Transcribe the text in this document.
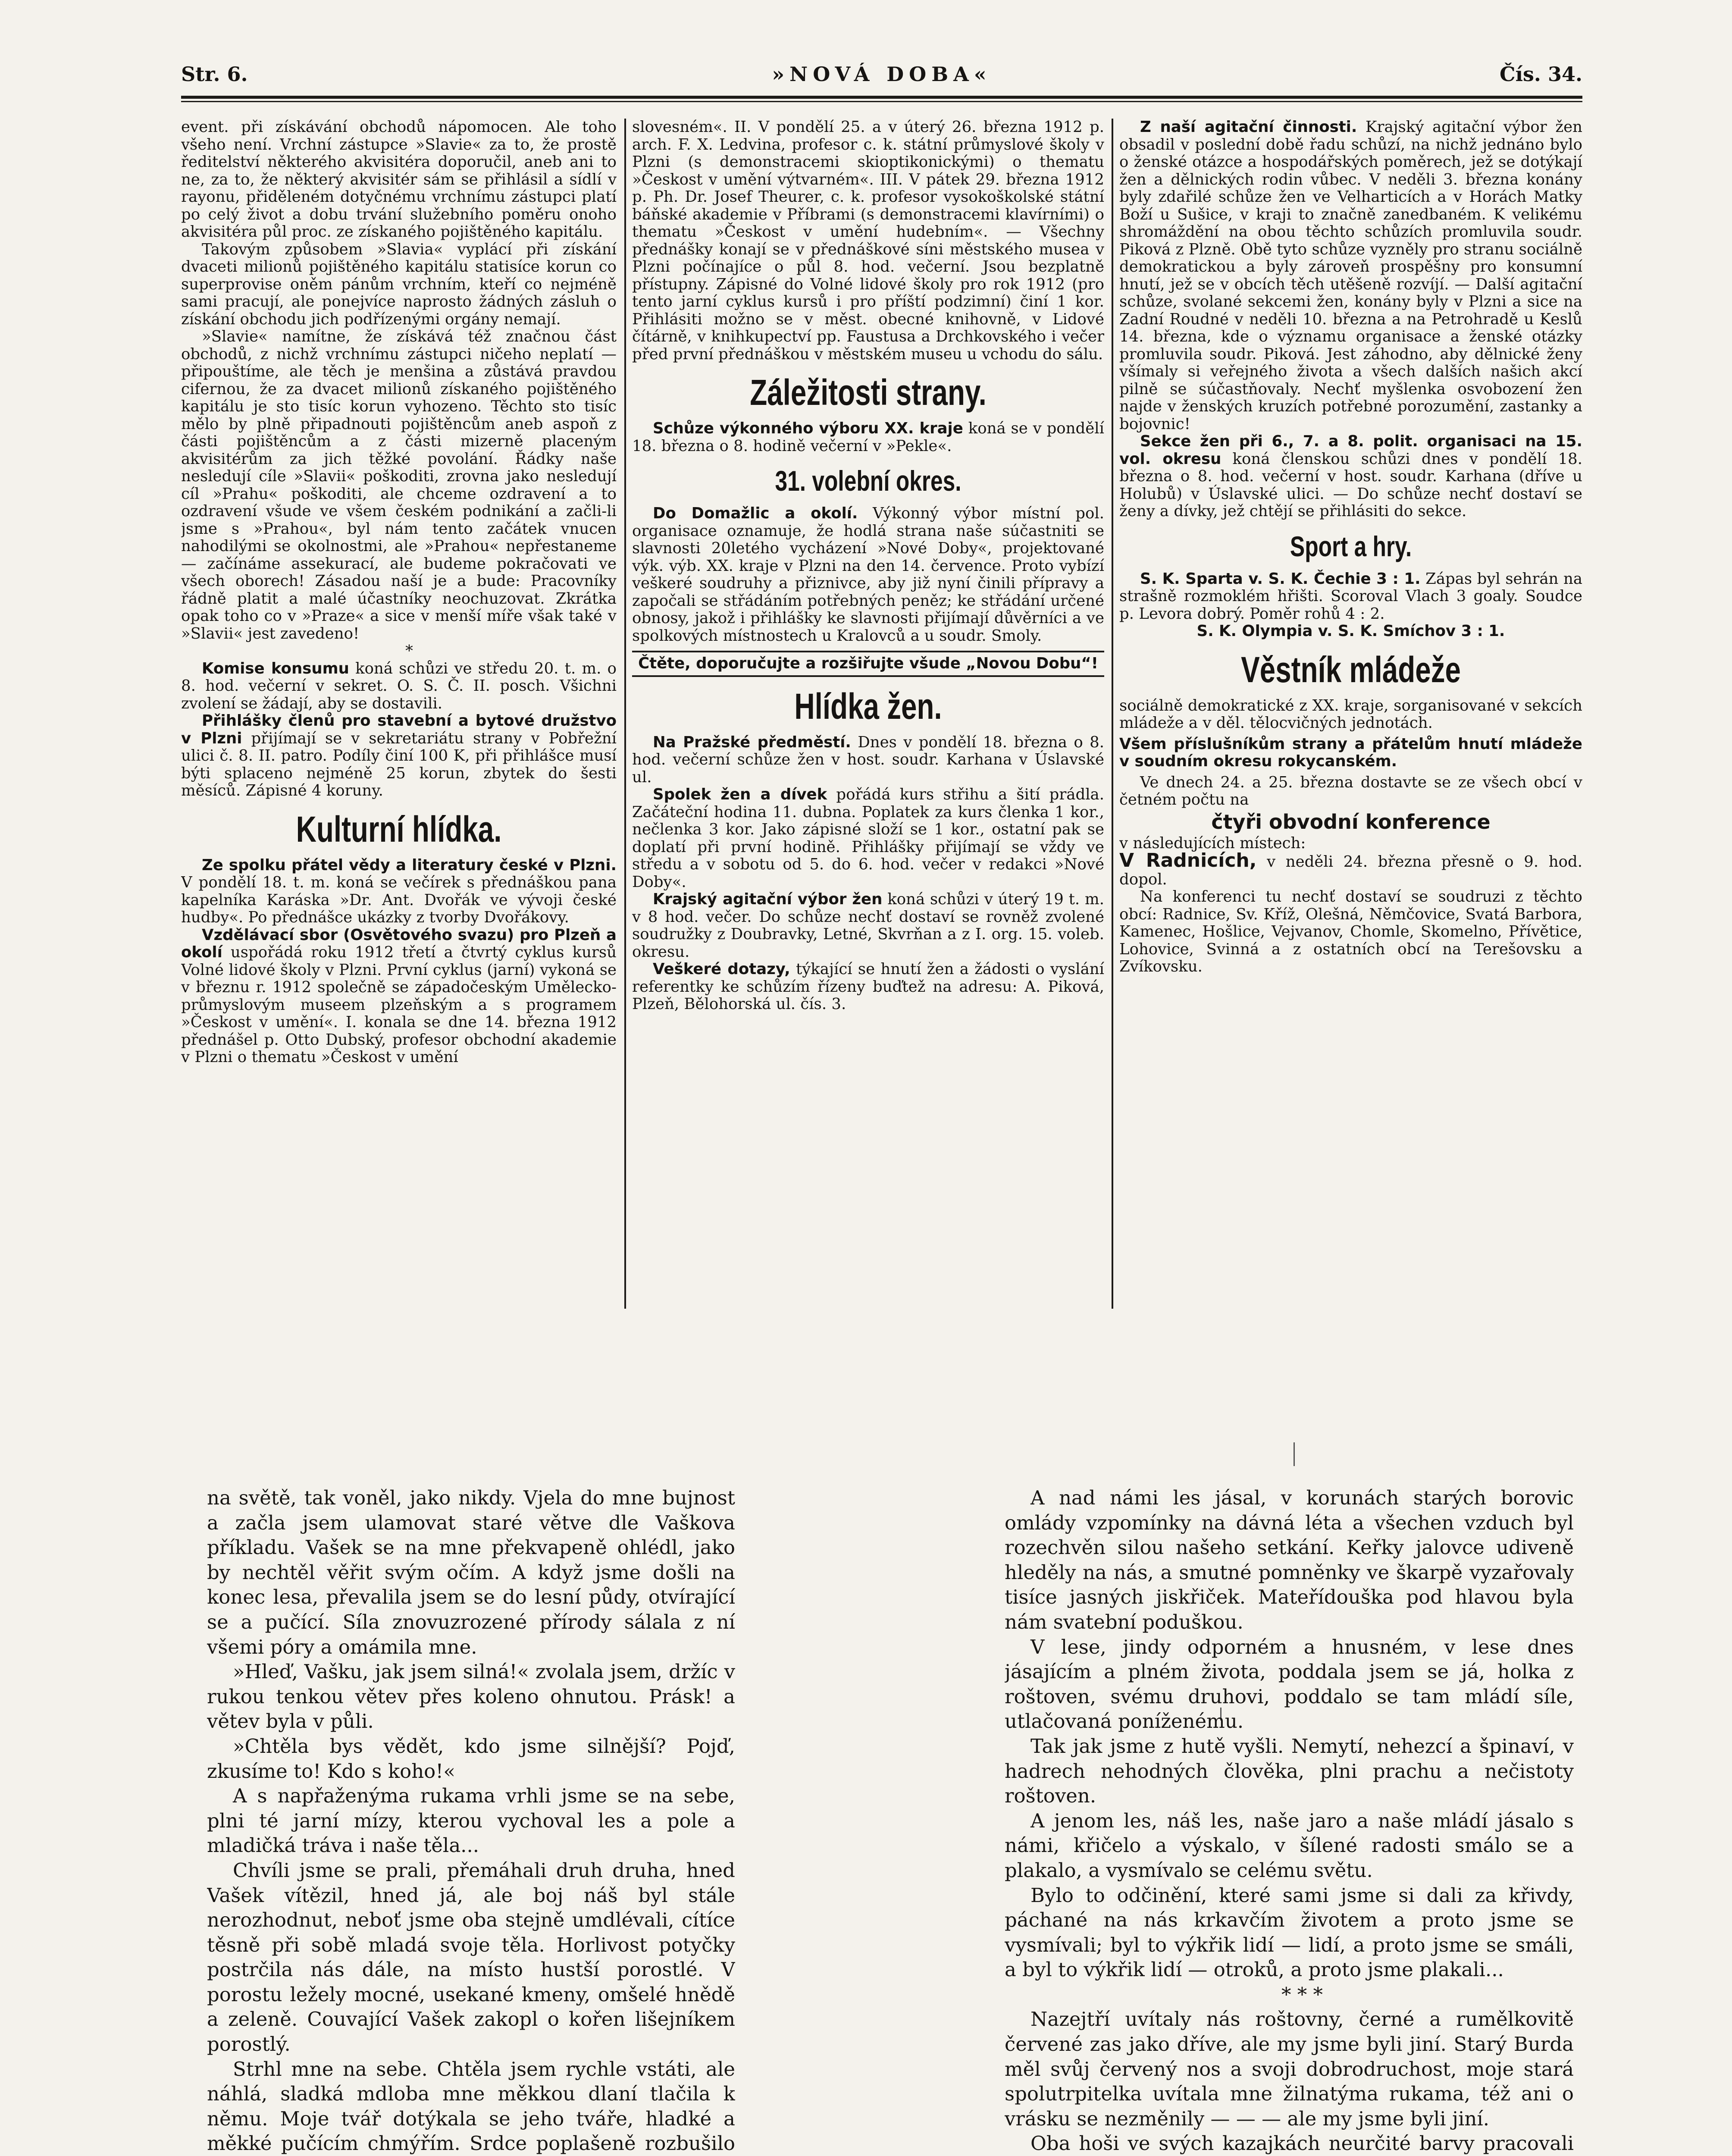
Str. 6.	»NOVÁ DOBA«	Čís. 34.

event. při získávání obchodů nápomocen. Ale toho všeho není. Vrchní zástupce »Slavie« za to, že prostě ředitelství některého akvisitéra doporučil, aneb ani to ne, za to, že některý akvisitér sám se přihlásil a sídlí v rayonu, přiděleném dotyčnému vrchnímu zástupci platí po celý život a dobu trvání služebního poměru onoho akvisitéra půl proc. ze získaného pojištěného kapitálu.

Takovým způsobem »Slavia« vyplácí při získání dvaceti milionů pojištěného kapitálu statisíce korun co superprovise oněm pánům vrchním, kteří co nejméně sami pracují, ale ponejvíce naprosto žádných zásluh o získání obchodu jich podřízenými orgány nemají.

»Slavie« namítne, že získává též značnou část obchodů, z nichž vrchnímu zástupci ničeho neplatí — připouštíme, ale těch je menšina a zůstává pravdou cifernou, že za dvacet milionů získaného pojištěného kapitálu je sto tisíc korun vyhozeno. Těchto sto tisíc mělo by plně připadnouti pojištěncům aneb aspoň z části pojištěncům a z části mizerně placeným akvisitérům za jich těžké povolání. Řádky naše nesledují cíle »Slavii« poškoditi, zrovna jako nesledují cíl »Prahu« poškoditi, ale chceme ozdravení a to ozdravení všude ve všem českém podnikání a začli-li jsme s »Prahou«, byl nám tento začátek vnucen nahodilými se okolnostmi, ale »Prahou« nepřestaneme — začínáme assekurací, ale budeme pokračovati ve všech oborech! Zásadou naší je a bude: Pracovníky řádně platit a malé účastníky neochuzovat. Zkrátka opak toho co v »Praze« a sice v menší míře však také v »Slavii« jest zavedeno!

*

Komise konsumu koná schůzi ve středu 20. t. m. o 8. hod. večerní v sekret. O. S. Č. II. posch. Všichni zvolení se žádají, aby se dostavili.

Přihlášky členů pro stavební a bytové družstvo v Plzni přijímají se v sekretariátu strany v Pobřežní ulici č. 8. II. patro. Podíly činí 100 K, při přihlášce musí býti splaceno nejméně 25 korun, zbytek do šesti měsíců. Zápisné 4 koruny.

Kulturní hlídka.

Ze spolku přátel vědy a literatury české v Plzni. V pondělí 18. t. m. koná se večírek s přednáškou pana kapelníka Karáska »Dr. Ant. Dvořák ve vývoji české hudby«. Po přednášce ukázky z tvorby Dvořákovy.

Vzdělávací sbor (Osvětového svazu) pro Plzeň a okolí uspořádá roku 1912 třetí a čtvrtý cyklus kursů Volné lidové školy v Plzni. První cyklus (jarní) vykoná se v březnu r. 1912 společně se západočeským Umělecko-průmyslovým museem plzeňským a s programem »Českost v umění«. I. konala se dne 14. března 1912 přednášel p. Otto Dubský, profesor obchodní akademie v Plzni o thematu »Českost v umění

slovesném«. II. V pondělí 25. a v úterý 26. března 1912 p. arch. F. X. Ledvina, profesor c. k. státní průmyslové školy v Plzni (s demonstracemi skioptikonickými) o thematu »Českost v umění výtvarném«. III. V pátek 29. března 1912 p. Ph. Dr. Josef Theurer, c. k. profesor vysokoškolské státní báňské akademie v Příbrami (s demonstracemi klavírními) o thematu »Českost v umění hudebním«. — Všechny přednášky konají se v přednáškové síni městského musea v Plzni počínajíce o půl 8. hod. večerní. Jsou bezplatně přístupny. Zápisné do Volné lidové školy pro rok 1912 (pro tento jarní cyklus kursů i pro příští podzimní) činí 1 kor. Přihlásiti možno se v měst. obecné knihovně, v Lidové čítárně, v knihkupectví pp. Faustusa a Drchkovského i večer před první přednáškou v městském museu u vchodu do sálu.

Záležitosti strany.

Schůze výkonného výboru XX. kraje koná se v pondělí 18. března o 8. hodině večerní v »Pekle«.

31. volební okres.

Do Domažlic a okolí. Výkonný výbor místní pol. organisace oznamuje, že hodlá strana naše súčastniti se slavnosti 20letého vycházení »Nové Doby«, projektované výk. výb. XX. kraje v Plzni na den 14. července. Proto vybízí veškeré soudruhy a přiznivce, aby již nyní činili přípravy a započali se střádáním potřebných peněz; ke střádání určené obnosy, jakož i přihlášky ke slavnosti přijímají důvěrníci a ve spolkových místnostech u Kralovců a u soudr. Smoly.

Čtěte, doporučujte a rozšiřujte všude „Novou Dobu“!

Hlídka žen.

Na Pražské předměstí. Dnes v pondělí 18. března o 8. hod. večerní schůze žen v host. soudr. Karhana v Úslavské ul.

Spolek žen a dívek pořádá kurs střihu a šití prádla. Začáteční hodina 11. dubna. Poplatek za kurs členka 1 kor., nečlenka 3 kor. Jako zápisné složí se 1 kor., ostatní pak se doplatí při první hodině. Přihlášky přijímají se vždy ve středu a v sobotu od 5. do 6. hod. večer v redakci »Nové Doby«.

Krajský agitační výbor žen koná schůzi v úterý 19 t. m. v 8 hod. večer. Do schůze nechť dostaví se rovněž zvolené soudružky z Doubravky, Letné, Skvrňan a z I. org. 15. voleb. okresu.

Veškeré dotazy, týkající se hnutí žen a žádosti o vyslání referentky ke schůzím řízeny buďtež na adresu: A. Piková, Plzeň, Bělohorská ul. čís. 3.

Z naší agitační činnosti. Krajský agitační výbor žen obsadil v poslední době řadu schůzí, na nichž jednáno bylo o ženské otázce a hospodářských poměrech, jež se dotýkají žen a dělnických rodin vůbec. V neděli 3. března konány byly zdařilé schůze žen ve Velharticích a v Horách Matky Boží u Sušice, v kraji to značně zanedbaném. K velikému shromáždění na obou těchto schůzích promluvila soudr. Piková z Plzně. Obě tyto schůze vyzněly pro stranu sociálně demokratickou a byly zároveň prospěšny pro konsumní hnutí, jež se v obcích těch utěšeně rozvíjí. — Další agitační schůze, svolané sekcemi žen, konány byly v Plzni a sice na Zadní Roudné v neděli 10. března a na Petrohradě u Keslů 14. března, kde o významu organisace a ženské otázky promluvila soudr. Piková. Jest záhodno, aby dělnické ženy všímaly si veřejného života a všech dalších našich akcí pilně se súčastňovaly. Nechť myšlenka osvobození žen najde v ženských kruzích potřebné porozumění, zastanky a bojovnic!

Sekce žen při 6., 7. a 8. polit. organisaci na 15. vol. okresu koná členskou schůzi dnes v pondělí 18. března o 8. hod. večerní v host. soudr. Karhana (dříve u Holubů) v Úslavské ulici. — Do schůze nechť dostaví se ženy a dívky, jež chtějí se přihlásiti do sekce.

Sport a hry.

S. K. Sparta v. S. K. Čechie 3 : 1. Zápas byl sehrán na strašně rozmoklém hřišti. Scoroval Vlach 3 goaly. Soudce p. Levora dobrý. Poměr rohů 4 : 2.

S. K. Olympia v. S. K. Smíchov 3 : 1.

Věstník mládeže

sociálně demokratické z XX. kraje, sorganisované v sekcích mládeže a v děl. tělocvičných jednotách.

Všem příslušníkům strany a přátelům hnutí mládeže v soudním okresu rokycanském.

Ve dnech 24. a 25. března dostavte se ze všech obcí v četném počtu na

čtyři obvodní konference

v následujících místech:

V Radnicích, v neděli 24. března přesně o 9. hod. dopol.

Na konferenci tu nechť dostaví se soudruzi z těchto obcí: Radnice, Sv. Kříž, Olešná, Němčovice, Svatá Barbora, Kamenec, Hošlice, Vejvanov, Chomle, Skomelno, Přívětice, Lohovice, Svinná a z ostatních obcí na Terešovsku a Zvíkovsku.

na světě, tak voněl, jako nikdy. Vjela do mne bujnost a začla jsem ulamovat staré větve dle Vaškova příkladu. Vašek se na mne překvapeně ohlédl, jako by nechtěl věřit svým očím. A když jsme došli na konec lesa, převalila jsem se do lesní půdy, otvírající se a pučící. Síla znovuzrozené přírody sálala z ní všemi póry a omámila mne.

»Hleď, Vašku, jak jsem silná!« zvolala jsem, držíc v rukou tenkou větev přes koleno ohnutou. Prásk! a větev byla v půli.

»Chtěla bys vědět, kdo jsme silnější? Pojď, zkusíme to! Kdo s koho!«

A s napřaženýma rukama vrhli jsme se na sebe, plni té jarní mízy, kterou vychoval les a pole a mladičká tráva i naše těla...

Chvíli jsme se prali, přemáhali druh druha, hned Vašek vítězil, hned já, ale boj náš byl stále nerozhodnut, neboť jsme oba stejně umdlévali, cítíce těsně při sobě mladá svoje těla. Horlivost potyčky postrčila nás dále, na místo hustší porostlé. V porostu ležely mocné, usekané kmeny, omšelé hnědě a zeleně. Couvající Vašek zakopl o kořen lišejníkem porostlý.

Strhl mne na sebe. Chtěla jsem rychle vstáti, ale náhlá, sladká mdloba mne měkkou dlaní tlačila k němu. Moje tvář dotýkala se jeho tváře, hladké a měkké pučícím chmýřím. Srdce poplašeně rozbušilo

A nad námi les jásal, v korunách starých borovic omlády vzpomínky na dávná léta a všechen vzduch byl rozechvěn silou našeho setkání. Keřky jalovce udiveně hleděly na nás, a smutné pomněnky ve škarpě vyzařovaly tisíce jasných jiskřiček. Mateřídouška pod hlavou byla nám svatební poduškou.

V lese, jindy odporném a hnusném, v lese dnes jásajícím a plném života, poddala jsem se já, holka z roštoven, svému druhovi, poddalo se tam mládí síle, utlačovaná poníženému.

Tak jak jsme z hutě vyšli. Nemytí, nehezcí a špinaví, v hadrech nehodných člověka, plni prachu a nečistoty roštoven.

A jenom les, náš les, naše jaro a naše mládí jásalo s námi, křičelo a výskalo, v šílené radosti smálo se a plakalo, a vysmívalo se celému světu.

Bylo to odčinění, které sami jsme si dali za křivdy, páchané na nás krkavčím životem a proto jsme se vysmívali; byl to výkřik lidí — lidí, a proto jsme se smáli, a byl to výkřik lidí — otroků, a proto jsme plakali...

* * *

Nazejtří uvítaly nás roštovny, černé a rumělkovitě červené zas jako dříve, ale my jsme byli jiní. Starý Burda měl svůj červený nos a svoji dobrodruchost, moje stará spolutrpitelka uvítala mne žilnatýma rukama, též ani o vrásku se nezměnily — — — ale my jsme byli jiní.

Oba hoši ve svých kazajkách neurčité barvy pracovali
